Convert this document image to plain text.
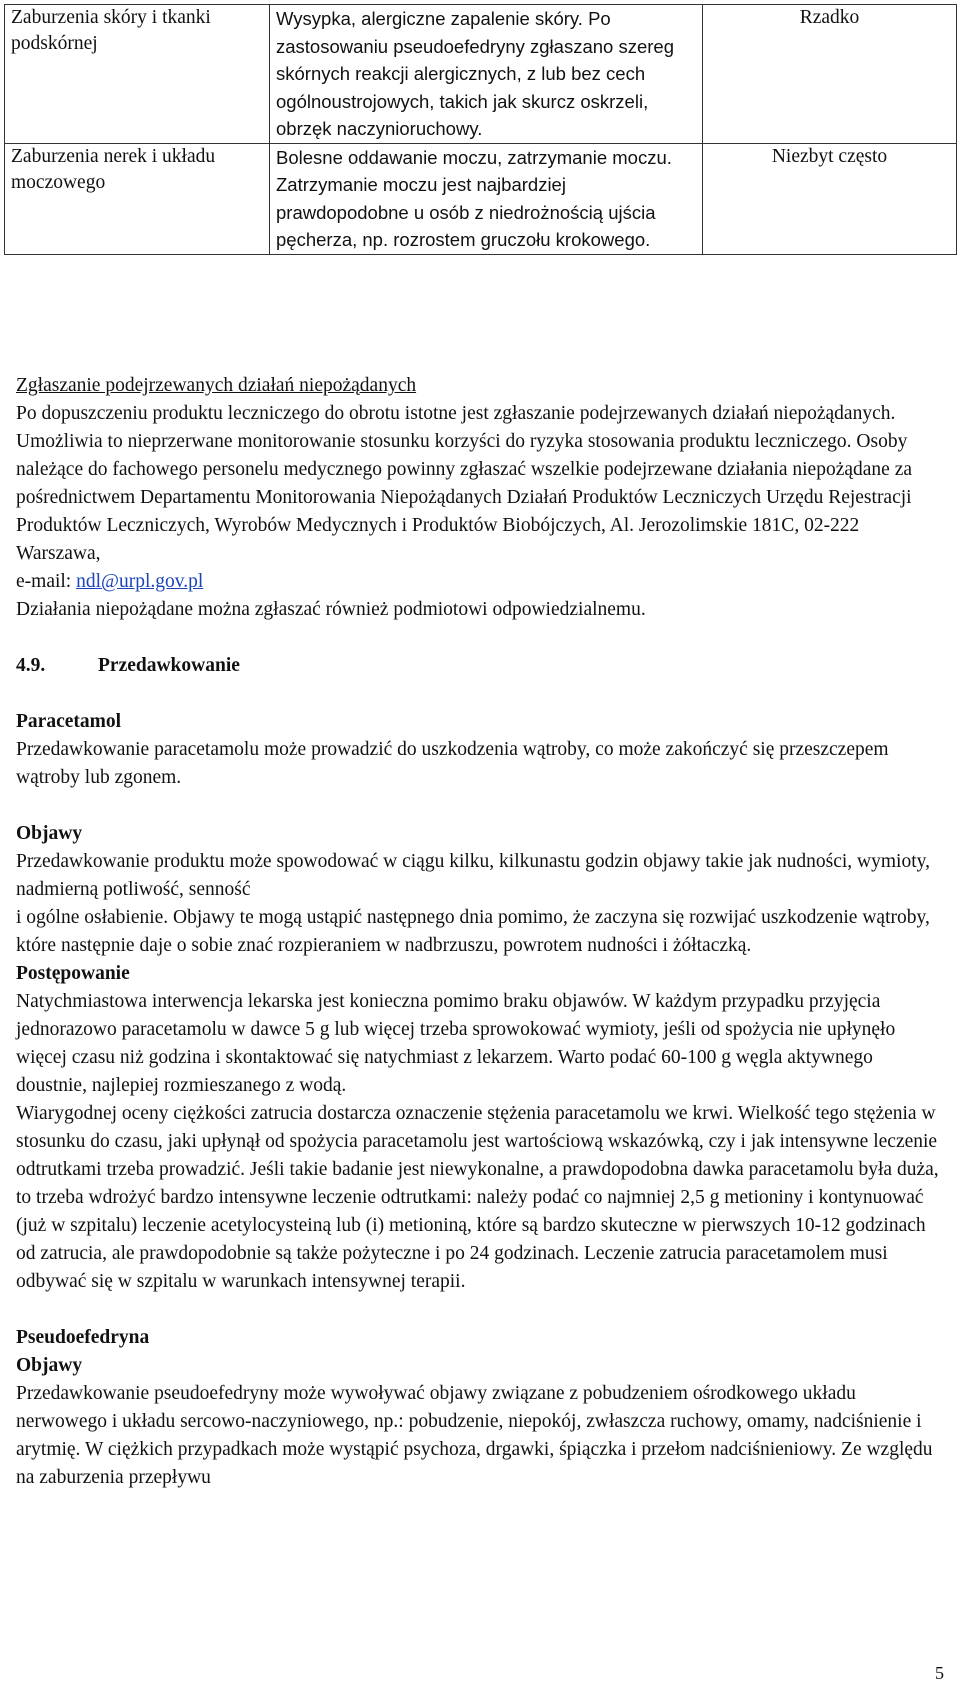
Zaburzenia skóry i tkanki podskórnej	Wysypka, alergiczne zapalenie skóry. Po zastosowaniu pseudoefedryny zgłaszano szereg skórnych reakcji alergicznych, z lub bez cech ogólnoustrojowych, takich jak skurcz oskrzeli, obrzęk naczynioruchowy.	Rzadko
Zaburzenia nerek i układu moczowego	Bolesne oddawanie moczu, zatrzymanie moczu. Zatrzymanie moczu jest najbardziej prawdopodobne u osób z niedrożnością ujścia pęcherza, np. rozrostem gruczołu krokowego.	Niezbyt często

Zgłaszanie podejrzewanych działań niepożądanych

Po dopuszczeniu produktu leczniczego do obrotu istotne jest zgłaszanie podejrzewanych działań niepożądanych. Umożliwia to nieprzerwane monitorowanie stosunku korzyści do ryzyka stosowania produktu leczniczego. Osoby należące do fachowego personelu medycznego powinny zgłaszać wszelkie podejrzewane działania niepożądane za pośrednictwem Departamentu Monitorowania Niepożądanych Działań Produktów Leczniczych Urzędu Rejestracji Produktów Leczniczych, Wyrobów Medycznych i Produktów Biobójczych, Al. Jerozolimskie 181C, 02-222 Warszawa,
e-mail: ndl@urpl.gov.pl

Działania niepożądane można zgłaszać również podmiotowi odpowiedzialnemu.

4.9.	Przedawkowanie

Paracetamol

Przedawkowanie paracetamolu może prowadzić do uszkodzenia wątroby, co może zakończyć się przeszczepem wątroby lub zgonem.

Objawy

Przedawkowanie produktu może spowodować w ciągu kilku, kilkunastu godzin objawy takie jak nudności, wymioty, nadmierną potliwość, senność

i ogólne osłabienie. Objawy te mogą ustąpić następnego dnia pomimo, że zaczyna się rozwijać uszkodzenie wątroby, które następnie daje o sobie znać rozpieraniem w nadbrzuszu, powrotem nudności i żółtaczką.

Postępowanie

Natychmiastowa interwencja lekarska jest konieczna pomimo braku objawów. W każdym przypadku przyjęcia jednorazowo paracetamolu w dawce 5 g lub więcej trzeba sprowokować wymioty, jeśli od spożycia nie upłynęło więcej czasu niż godzina i skontaktować się natychmiast z lekarzem. Warto podać 60-100 g węgla aktywnego doustnie, najlepiej rozmieszanego z wodą.

Wiarygodnej oceny ciężkości zatrucia dostarcza oznaczenie stężenia paracetamolu we krwi. Wielkość tego stężenia w stosunku do czasu, jaki upłynął od spożycia paracetamolu jest wartościową wskazówką, czy i jak intensywne leczenie odtrutkami trzeba prowadzić. Jeśli takie badanie jest niewykonalne, a prawdopodobna dawka paracetamolu była duża, to trzeba wdrożyć bardzo intensywne leczenie odtrutkami: należy podać co najmniej 2,5 g metioniny i kontynuować (już w szpitalu) leczenie acetylocysteiną lub (i) metioniną, które są bardzo skuteczne w pierwszych 10-12 godzinach od zatrucia, ale prawdopodobnie są także pożyteczne i po 24 godzinach. Leczenie zatrucia paracetamolem musi odbywać się w szpitalu w warunkach intensywnej terapii.

Pseudoefedryna

Objawy

Przedawkowanie pseudoefedryny może wywoływać objawy związane z pobudzeniem ośrodkowego układu nerwowego i układu sercowo-naczyniowego, np.: pobudzenie, niepokój, zwłaszcza ruchowy, omamy, nadciśnienie i arytmię. W ciężkich przypadkach może wystąpić psychoza, drgawki, śpiączka i przełom nadciśnieniowy. Ze względu na zaburzenia przepływu

5
